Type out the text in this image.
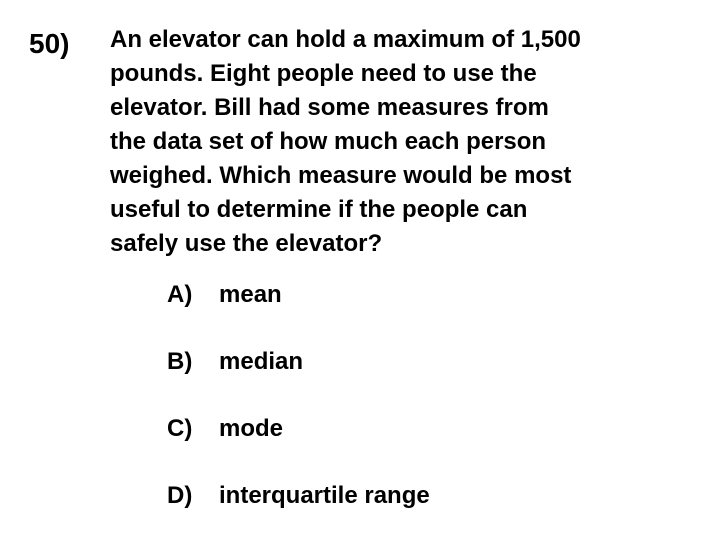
50) An elevator can hold a maximum of 1,500
pounds. Eight people need to use the
elevator. Bill had some measures from
the data set of how much each person
weighed. Which measure would be most
useful to determine if the people can
safely use the elevator?
A) mean
B) median
C) mode
D) interquartile range
